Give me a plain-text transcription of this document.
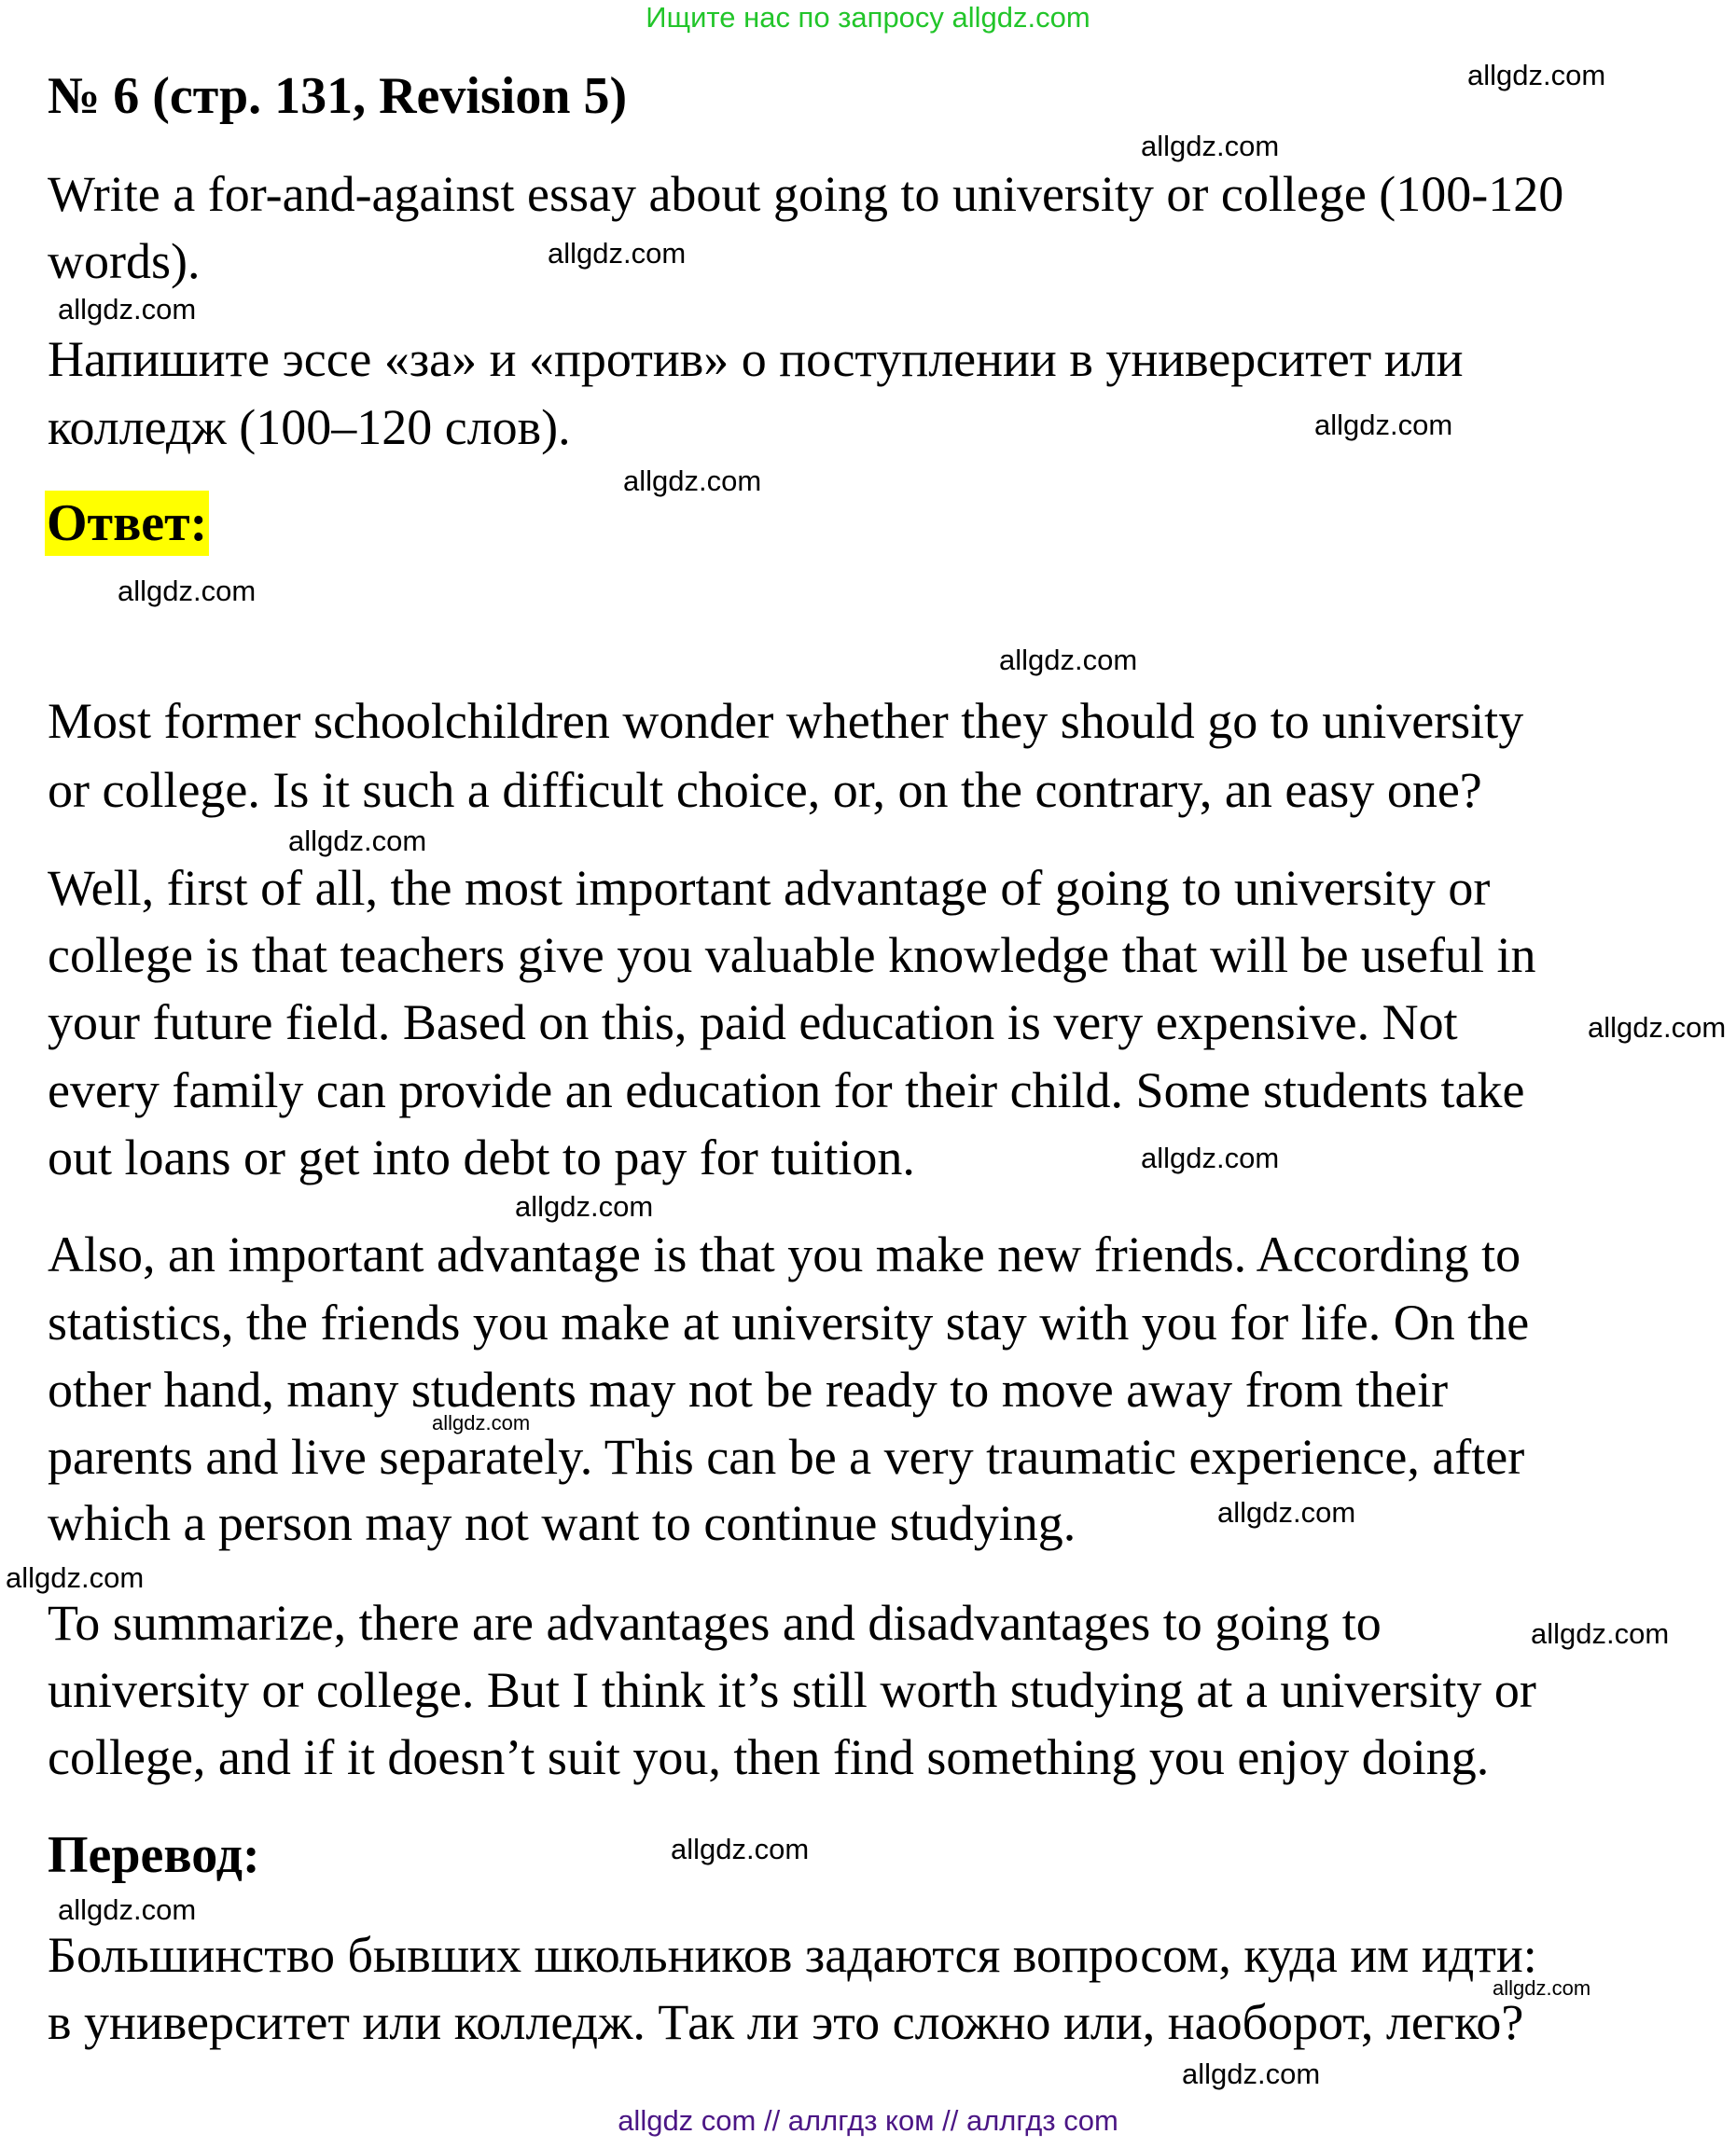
Ищите нас по запросу allgdz.com
№ 6 (стр. 131, Revision 5)
Write a for-and-against essay about going to university or college (100-120
words).
Напишите эссе «за» и «против» о поступлении в университет или
колледж (100–120 слов).
Ответ:
Most former schoolchildren wonder whether they should go to university
or college. Is it such a difficult choice, or, on the contrary, an easy one?
Well, first of all, the most important advantage of going to university or
college is that teachers give you valuable knowledge that will be useful in
your future field. Based on this, paid education is very expensive. Not
every family can provide an education for their child. Some students take
out loans or get into debt to pay for tuition.
Also, an important advantage is that you make new friends. According to
statistics, the friends you make at university stay with you for life. On the
other hand, many students may not be ready to move away from their
parents and live separately. This can be a very traumatic experience, after
which a person may not want to continue studying.
To summarize, there are advantages and disadvantages to going to
university or college. But I think it’s still worth studying at a university or
college, and if it doesn’t suit you, then find something you enjoy doing.
Перевод:
Большинство бывших школьников задаются вопросом, куда им идти:
в университет или колледж. Так ли это сложно или, наоборот, легко?
allgdz.com
allgdz.com
allgdz.com
allgdz.com
allgdz.com
allgdz.com
allgdz.com
allgdz.com
allgdz.com
allgdz.com
allgdz.com
allgdz.com
allgdz.com
allgdz.com
allgdz.com
allgdz.com
allgdz.com
allgdz.com
allgdz.com
allgdz.com
allgdz com // аллгдз ком // аллгдз com
